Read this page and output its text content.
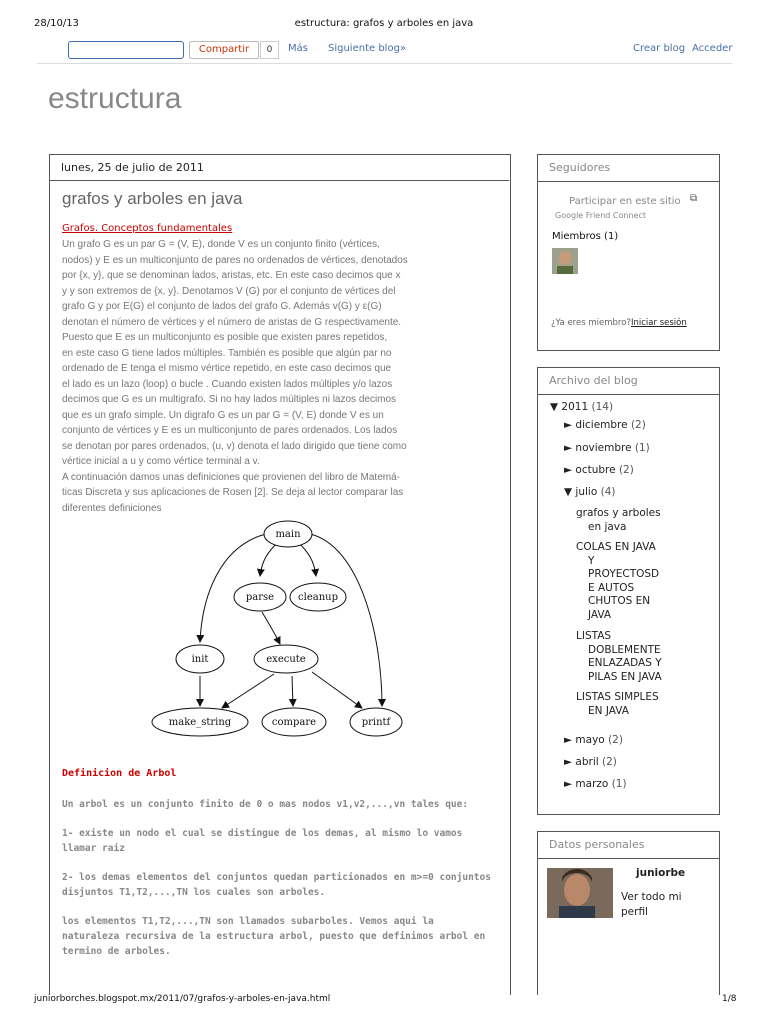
28/10/13	estructura: grafos y arboles en java
juniorborches.blogspot.mx/2011/07/grafos-y-arboles-en-java.html	1/8
Compartir	0	Más Siguiente blog»	Crear blog Acceder
estructura
lunes, 25 de julio de 2011
grafos y arboles en java
Grafos. Conceptos fundamentales

Un grafo G es un par G = (V, E), donde V es un conjunto finito (vértices,

nodos) y E es un multiconjunto de pares no ordenados de vértices, denotados

por {x, y}, que se denominan lados, aristas, etc. En este caso decimos que x

y y son extremos de {x, y}. Denotamos V (G) por el conjunto de vértices del

grafo G y por E(G) el conjunto de lados del grafo G. Además v(G) y ε(G)

denotan el número de vértices y el número de aristas de G respectivamente.

Puesto que E es un multiconjunto es posible que existen pares repetidos,

en este caso G tiene lados múltiples. También es posible que algún par no

ordenado de E tenga el mismo vértice repetido, en este caso decimos que

el lado es un lazo (loop) o bucle . Cuando existen lados múltiples y/o lazos

decimos que G es un multigrafo. Si no hay lados múltiples ni lazos decimos

que es un grafo simple. Un digrafo G es un par G = (V, E) donde V es un

conjunto de vértices y E es un multiconjunto de pares ordenados. Los lados

se denotan por pares ordenados, (u, v) denota el lado dirigido que tiene como

vértice inicial a u y como vértice terminal a v.

A continuación damos unas definiciones que provienen del libro de Matemá-

ticas Discreta y sus aplicaciones de Rosen [2]. Se deja al lector comparar las

diferentes definiciones

main
parse cleanup
init	execute
make_string	compare	printf
Definicion de Arbol

Un arbol es un conjunto finito de 0 o mas nodos v1,v2,...,vn tales que:

1- existe un nodo el cual se distingue de los demas, al mismo lo vamos llamar raiz

2- los demas elementos del conjuntos quedan particionados en m>=0 conjuntos disjuntos T1,T2,...,TN los cuales son arboles.

los elementos T1,T2,...,TN son llamados subarboles. Vemos aqui la naturaleza recursiva de la estructura arbol, puesto que definimos arbol en termino de arboles.

Seguidores
Participar en este sitio ⧉
Google Friend Connect
Miembros (1)
¿Ya eres miembro? Iniciar sesión
Archivo del blog
▼ 2011 (14)
► diciembre (2)
► noviembre (1)
► octubre (2)
▼ julio (4)
grafos y arboles
en java
COLAS EN JAVA
Y
PROYECTOSD
E AUTOS
CHUTOS EN
JAVA
LISTAS
DOBLEMENTE
ENLAZADAS Y
PILAS EN JAVA
LISTAS SIMPLES
EN JAVA
► mayo (2)
► abril (2)
► marzo (1)
Datos personales
juniorbe
Ver todo mi perfil
